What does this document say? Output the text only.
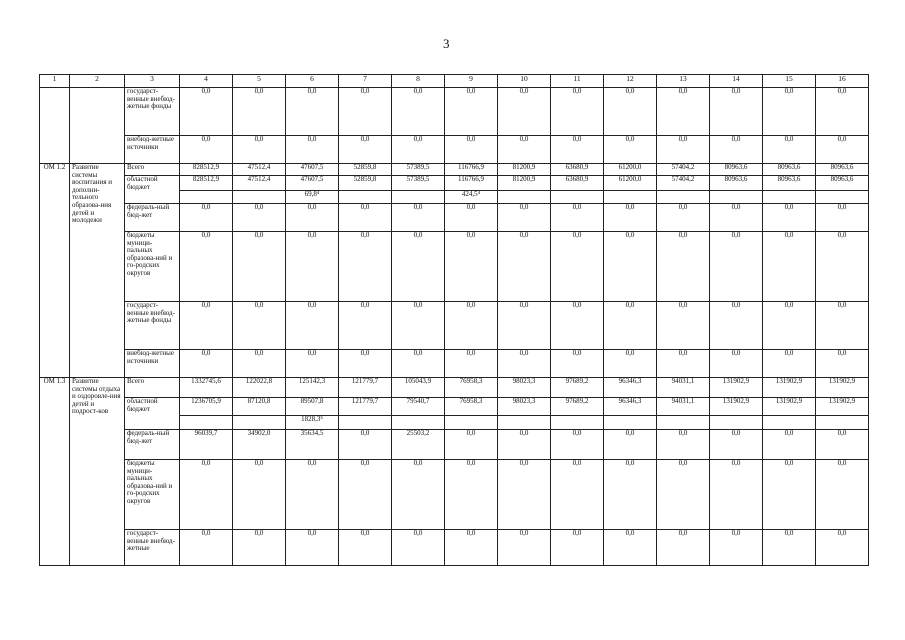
3
1	2	3	4	5	6	7	8	9	10	11	12	13	14	15	16
		государст-венные внебюд-жетные фонды	0,0	0,0	0,0	0,0	0,0	0,0	0,0	0,0	0,0	0,0	0,0	0,0	0,0
		внебюд-жетные источники	0,0	0,0	0,0	0,0	0,0	0,0	0,0	0,0	0,0	0,0	0,0	0,0	0,0
ОМ 1.2	Развитие системы воспитания и дополни-тельного образова-ния детей и молодежи	Всего	828512,9	47512,4	47607,5	52859,8	57389,5	116766,9	81200,9	63680,9	61200,0	57404,2	80963,6	80963,6	80963,6
		областной бюджет	828512,9	47512,4	47607,5	52859,8	57389,5	116766,9	81200,9	63680,9	61200,0	57404,2	80963,6	80963,6	80963,6
					69,8⁴			424,5⁴							
		федераль-ный бюд-жет	0,0	0,0	0,0	0,0	0,0	0,0	0,0	0,0	0,0	0,0	0,0	0,0	0,0
		бюджеты муници-пальных образова-ний и го-родских округов	0,0	0,0	0,0	0,0	0,0	0,0	0,0	0,0	0,0	0,0	0,0	0,0	0,0
		государст-венные внебюд-жетные фонды	0,0	0,0	0,0	0,0	0,0	0,0	0,0	0,0	0,0	0,0	0,0	0,0	0,0
		внебюд-жетные источники	0,0	0,0	0,0	0,0	0,0	0,0	0,0	0,0	0,0	0,0	0,0	0,0	0,0
ОМ 1.3	Развитие системы отдыха и оздоровле-ния детей и подрост-ков	Всего	1332745,6	122022,8	125142,3	121779,7	105043,9	76958,3	98023,3	97689,2	96346,3	94031,1	131902,9	131902,9	131902,9
		областной бюджет	1236705,9	87120,8	89507,8	121779,7	79540,7	76958,3	98023,3	97689,2	96346,3	94031,1	131902,9	131902,9	131902,9
					1828,3⁵										
		федераль-ный бюд-жет	96039,7	34902,0	35634,5	0,0	25503,2	0,0	0,0	0,0	0,0	0,0	0,0	0,0	0,0
		бюджеты муници-пальных образова-ний и го-родских округов	0,0	0,0	0,0	0,0	0,0	0,0	0,0	0,0	0,0	0,0	0,0	0,0	0,0
		государст-венные внебюд-жетные	0,0	0,0	0,0	0,0	0,0	0,0	0,0	0,0	0,0	0,0	0,0	0,0	0,0
